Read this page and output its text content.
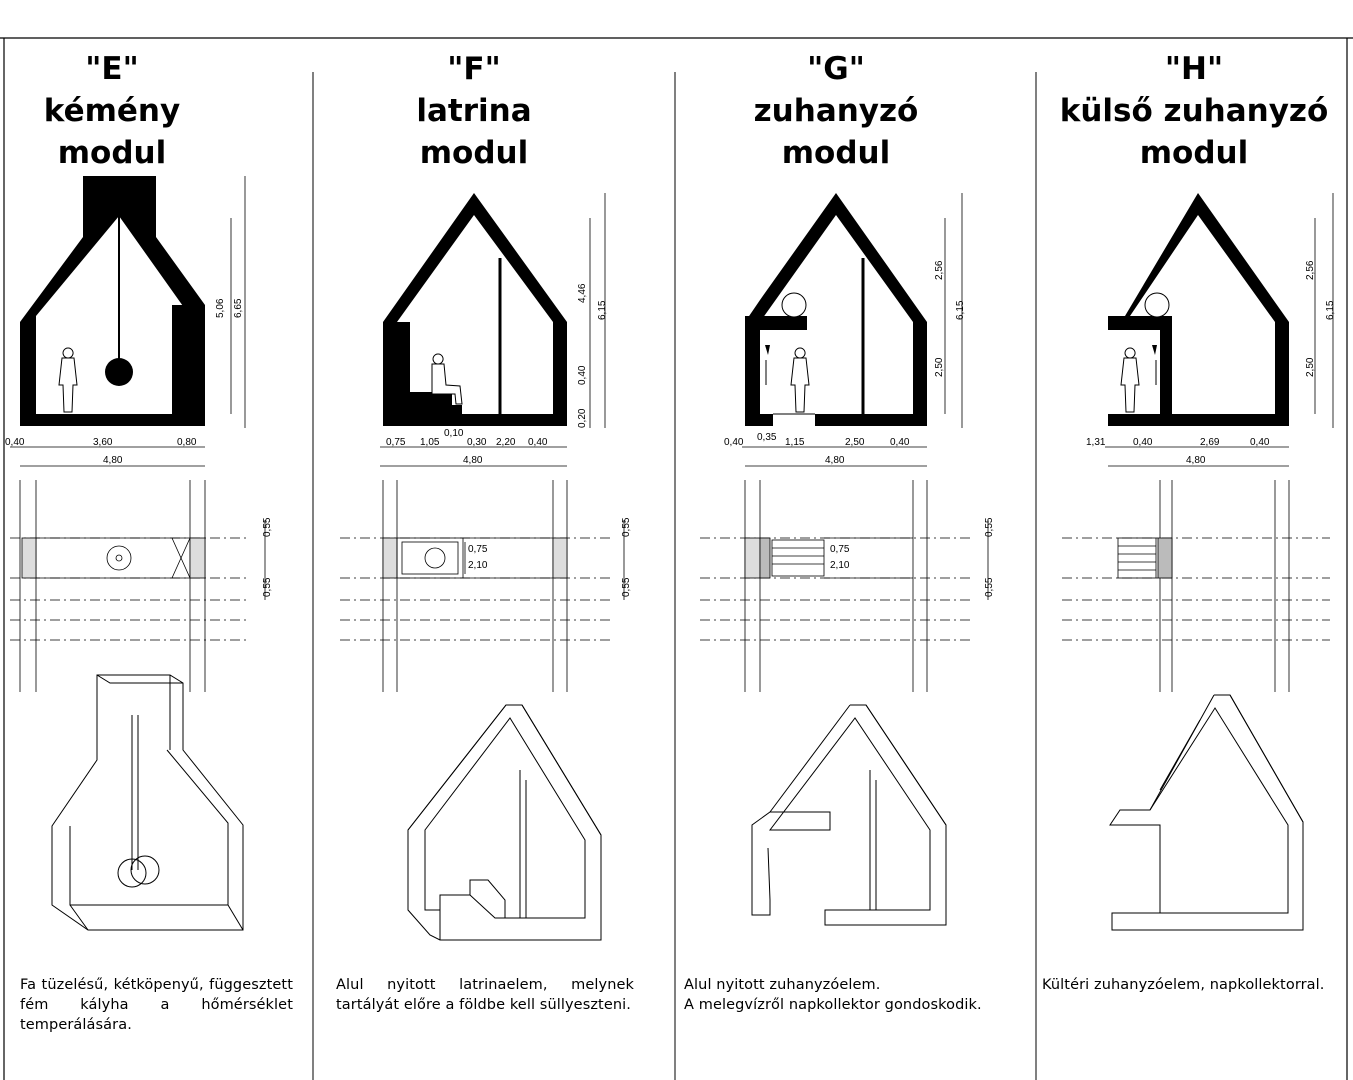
5,06 6,65
0,40	3,60	0,80
4,80
0,55
0,55
4,46
6,15
0,40
0,20
0,75 1,05
0,10
0,30 2,20 0,40
4,80
0,75
2,10
0,55
0,55
2,56
6,15
2,50
0,40 0,35 1,15	2,50	0,40
4,80
0,75
2,10
0,55
0,55
2,56
6,15
2,50
1,31	0,40	2,69	0,40
4,80
"E"
kémény
modul
"F"
latrina
modul
"G"
zuhanyzó
modul
"H"
külső zuhanyzó
modul
Fa tüzelésű, kétköpenyű, függesztett fém kályha a hőmérséklet temperálására.
Alul nyitott latrinaelem, melynek tartályát előre a földbe kell süllyeszteni.
Alul nyitott zuhanyzóelem.
A melegvízről napkollektor gondoskodik.
Kültéri zuhanyzóelem, napkollektorral.
